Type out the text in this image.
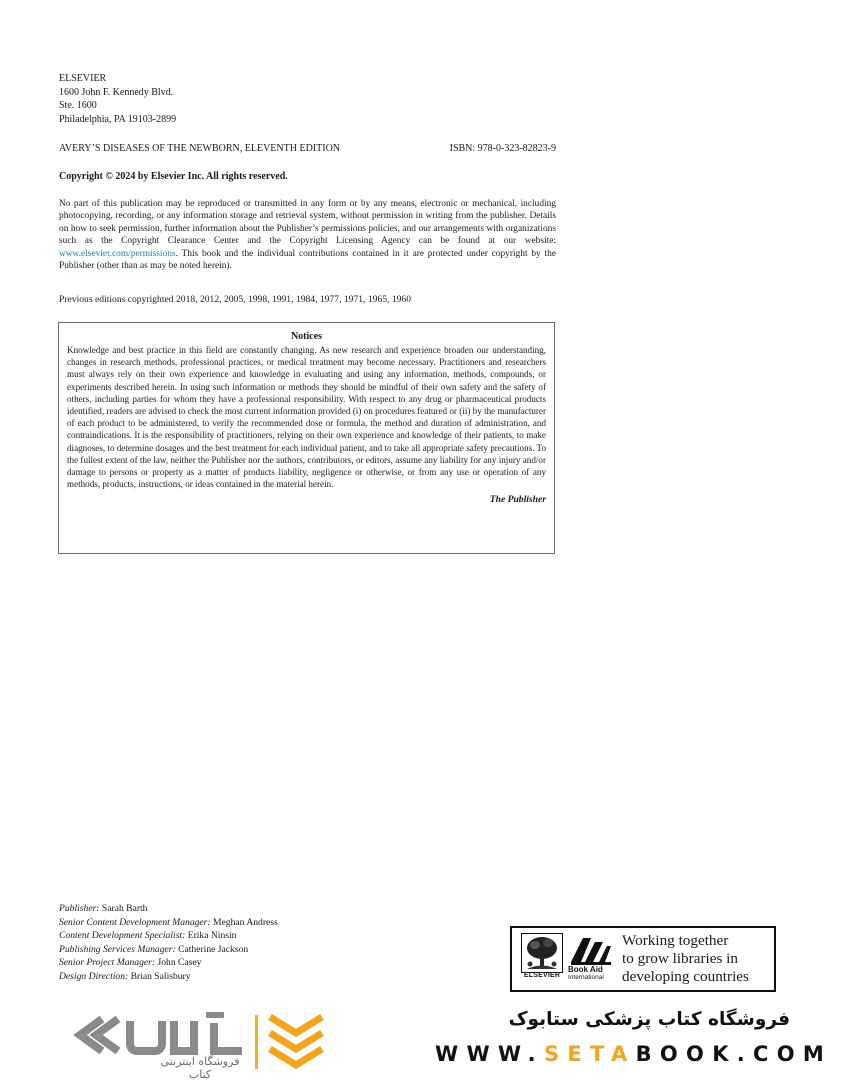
ELSEVIER
1600 John F. Kennedy Blvd.
Ste. 1600
Philadelphia, PA 19103-2899
AVERY’S DISEASES OF THE NEWBORN, ELEVENTH EDITION	ISBN: 978-0-323-82823-9
Copyright © 2024 by Elsevier Inc. All rights reserved.

No part of this publication may be reproduced or transmitted in any form or by any means, electronic or mechanical, including photocopying, recording, or any information storage and retrieval system, without permission in writing from the publisher. Details on how to seek permission, further information about the Publisher’s permissions policies, and our arrangements with organizations such as the Copyright Clearance Center and the Copyright Licensing Agency can be found at our website: www.elsevier.com/permissions. This book and the individual contributions contained in it are protected under copyright by the Publisher (other than as may be noted herein).

Previous editions copyrighted 2018, 2012, 2005, 1998, 1991, 1984, 1977, 1971, 1965, 1960

Notices
Knowledge and best practice in this field are constantly changing. As new research and experience broaden our understanding, changes in research methods, professional practices, or medical treatment may become necessary. Practitioners and researchers must always rely on their own experience and knowledge in evaluating and using any information, methods, compounds, or experiments described herein. In using such information or methods they should be mindful of their own safety and the safety of others, including parties for whom they have a professional responsibility. With respect to any drug or pharmaceutical products identified, readers are advised to check the most current information provided (i) on procedures featured or (ii) by the manufacturer of each product to be administered, to verify the recommended dose or formula, the method and duration of administration, and contraindications. It is the responsibility of practitioners, relying on their own experience and knowledge of their patients, to make diagnoses, to determine dosages and the best treatment for each individual patient, and to take all appropriate safety precautions. To the fullest extent of the law, neither the Publisher nor the authors, contributors, or editors, assume any liability for any injury and/or damage to persons or property as a matter of products liability, negligence or otherwise, or from any use or operation of any methods, products, instructions, or ideas contained in the material herein.
The Publisher
Publisher: Sarah Barth
Senior Content Development Manager: Meghan Andress
Content Development Specialist: Erika Ninsin
Publishing Services Manager: Catherine Jackson
Senior Project Manager: John Casey
Design Direction: Brian Salisbury	ELSEVIER
Book Aid
International
Working together
to grow libraries in
developing countries
فروشگاه اینترنتی کتاب
فروشگاه کتاب پزشکی ستابوک
WWW.SETABOOK.COM
